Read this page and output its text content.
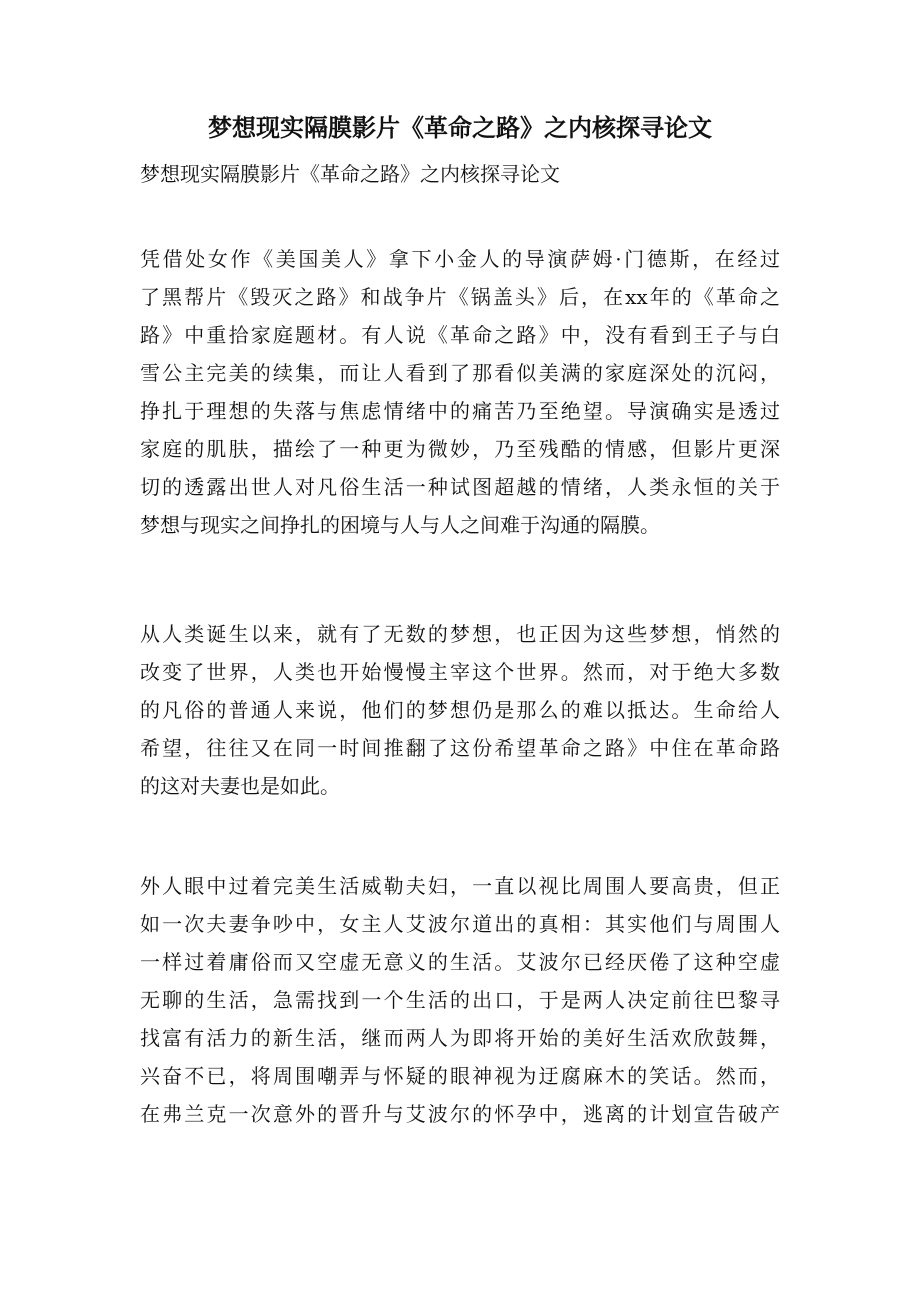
梦想现实隔膜影片《革命之路》之内核探寻论文

梦想现实隔膜影片《革命之路》之内核探寻论文

凭借处女作《美国美人》拿下小金人的导演萨姆·门德斯，在经过
了黑帮片《毁灭之路》和战争片《锅盖头》后，在xx年的《革命之
路》中重拾家庭题材。有人说《革命之路》中，没有看到王子与白
雪公主完美的续集，而让人看到了那看似美满的家庭深处的沉闷，
挣扎于理想的失落与焦虑情绪中的痛苦乃至绝望。导演确实是透过
家庭的肌肤，描绘了一种更为微妙，乃至残酷的情感，但影片更深
切的透露出世人对凡俗生活一种试图超越的情绪，人类永恒的关于
梦想与现实之间挣扎的困境与人与人之间难于沟通的隔膜。
从人类诞生以来，就有了无数的梦想，也正因为这些梦想，悄然的
改变了世界，人类也开始慢慢主宰这个世界。然而，对于绝大多数
的凡俗的普通人来说，他们的梦想仍是那么的难以抵达。生命给人
希望，往往又在同一时间推翻了这份希望革命之路》中住在革命路
的这对夫妻也是如此。
外人眼中过着完美生活威勒夫妇，一直以视比周围人要高贵，但正
如一次夫妻争吵中，女主人艾波尔道出的真相：其实他们与周围人
一样过着庸俗而又空虚无意义的生活。艾波尔已经厌倦了这种空虚
无聊的生活，急需找到一个生活的出口，于是两人决定前往巴黎寻
找富有活力的新生活，继而两人为即将开始的美好生活欢欣鼓舞，
兴奋不已，将周围嘲弄与怀疑的眼神视为迂腐麻木的笑话。然而，
在弗兰克一次意外的晋升与艾波尔的怀孕中，逃离的计划宣告破产
